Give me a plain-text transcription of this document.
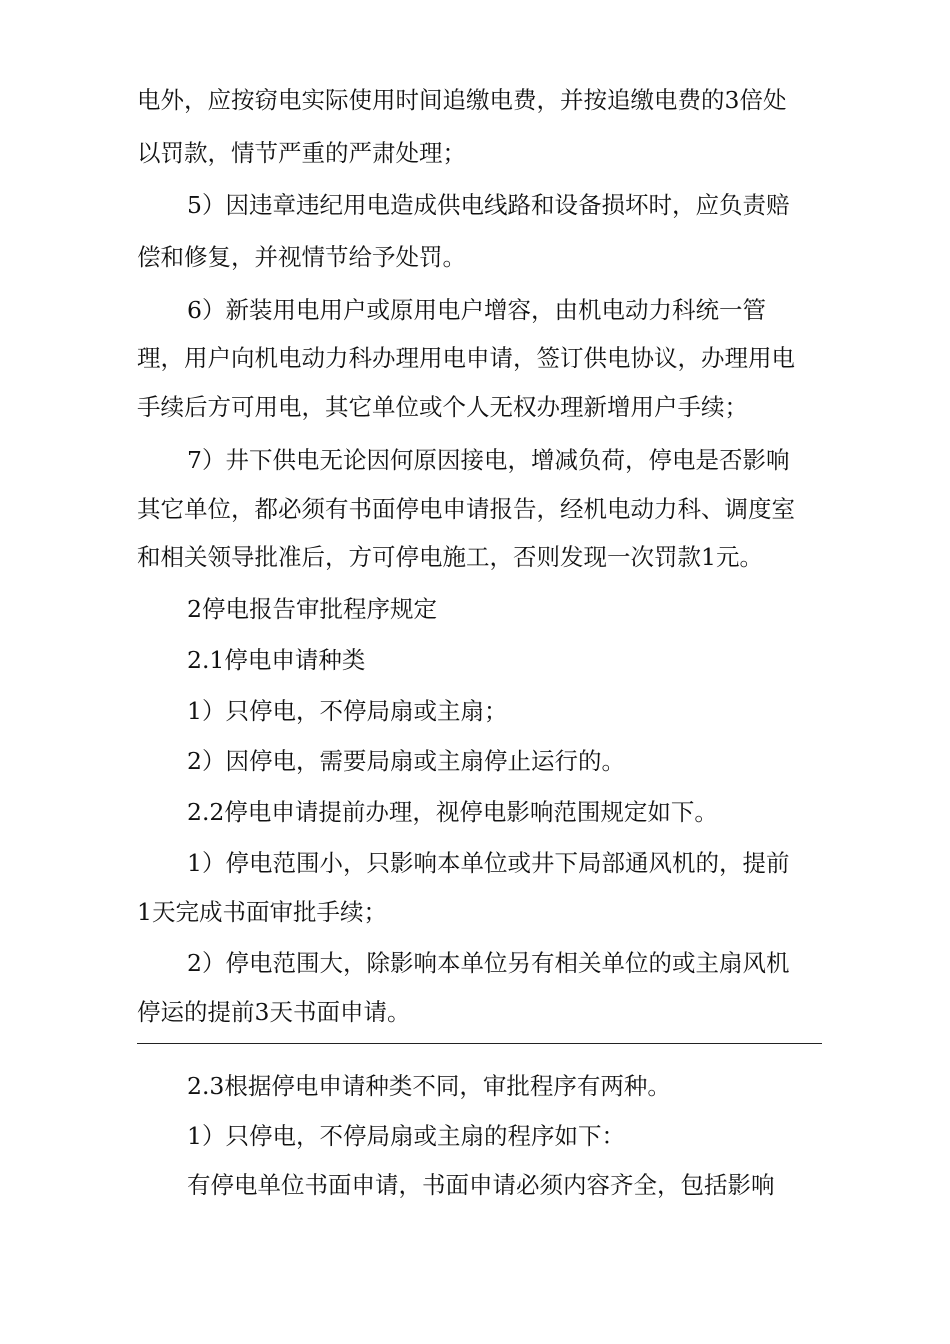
电外，应按窃电实际使用时间追缴电费，并按追缴电费的3倍处

以罚款，情节严重的严肃处理；

5）因违章违纪用电造成供电线路和设备损坏时，应负责赔

偿和修复，并视情节给予处罚。

6）新装用电用户或原用电户增容，由机电动力科统一管

理，用户向机电动力科办理用电申请，签订供电协议，办理用电

手续后方可用电，其它单位或个人无权办理新增用户手续；

7）井下供电无论因何原因接电，增减负荷，停电是否影响

其它单位，都必须有书面停电申请报告，经机电动力科、调度室

和相关领导批准后，方可停电施工，否则发现一次罚款1元。

2停电报告审批程序规定

2.1停电申请种类

1）只停电，不停局扇或主扇；

2）因停电，需要局扇或主扇停止运行的。

2.2停电申请提前办理，视停电影响范围规定如下。

1）停电范围小，只影响本单位或井下局部通风机的，提前

1天完成书面审批手续；

2）停电范围大，除影响本单位另有相关单位的或主扇风机

停运的提前3天书面申请。

2.3根据停电申请种类不同，审批程序有两种。

1）只停电，不停局扇或主扇的程序如下：

有停电单位书面申请，书面申请必须内容齐全，包括影响
